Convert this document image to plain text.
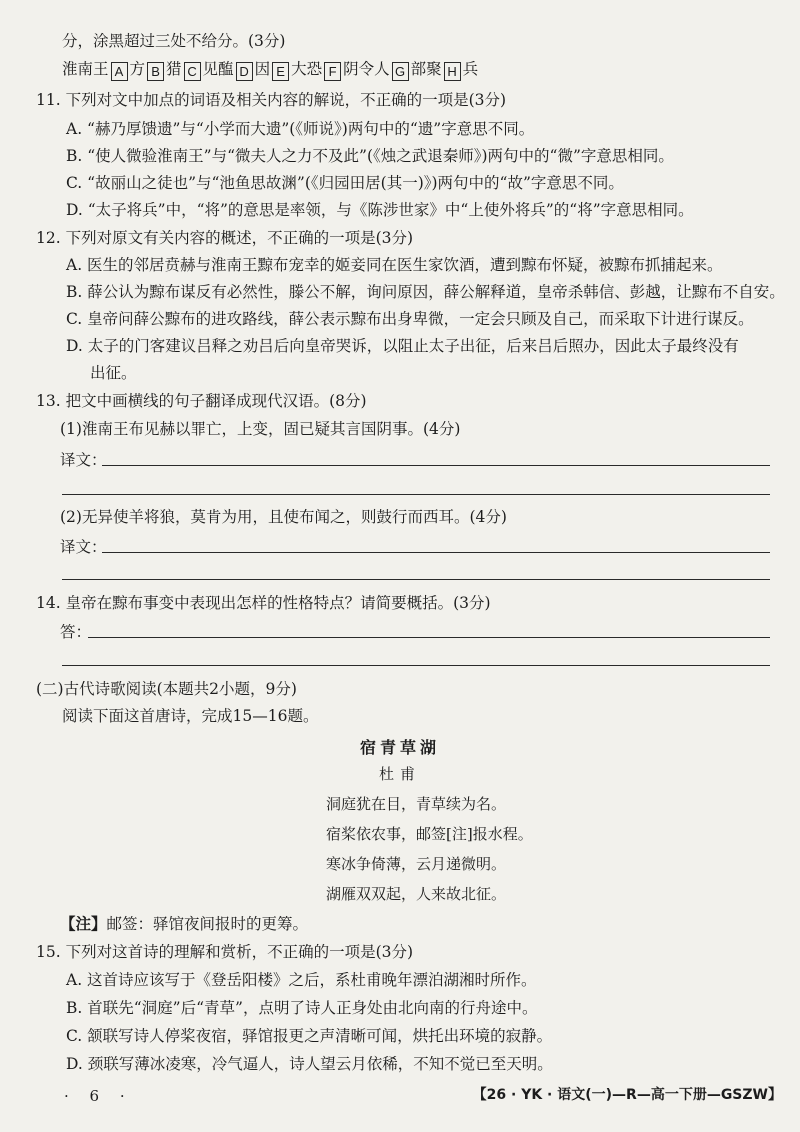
分，涂黑超过三处不给分。(3分)
淮南王 A 方 B 猎 C 见醢 D 因 E 大恐 F 阴令人 G 部聚 H 兵
11. 下列对文中加点的词语及相关内容的解说，不正确的一项是(3分)
A. “赫乃厚馈遗”与“小学而大遗”(《师说》)两句中的“遗”字意思不同。
B. “使人微验淮南王”与“微夫人之力不及此”(《烛之武退秦师》)两句中的“微”字意思相同。
C. “故丽山之徒也”与“池鱼思故渊”(《归园田居(其一)》)两句中的“故”字意思不同。
D. “太子将兵”中，“将”的意思是率领，与《陈涉世家》中“上使外将兵”的“将”字意思相同。
12. 下列对原文有关内容的概述，不正确的一项是(3分)
A. 医生的邻居贲赫与淮南王黥布宠幸的姬妾同在医生家饮酒，遭到黥布怀疑，被黥布抓捕起来。
B. 薛公认为黥布谋反有必然性，滕公不解，询问原因，薛公解释道，皇帝杀韩信、彭越，让黥布不自安。
C. 皇帝问薛公黥布的进攻路线，薛公表示黥布出身卑微，一定会只顾及自己，而采取下计进行谋反。
D. 太子的门客建议吕释之劝吕后向皇帝哭诉，以阻止太子出征，后来吕后照办，因此太子最终没有
出征。
13. 把文中画横线的句子翻译成现代汉语。(8分)
(1)淮南王布见赫以罪亡，上变，固已疑其言国阴事。(4分)
译文：
(2)无异使羊将狼，莫肯为用，且使布闻之，则鼓行而西耳。(4分)
译文：
14. 皇帝在黥布事变中表现出怎样的性格特点？请简要概括。(3分)
答：
(二)古代诗歌阅读(本题共2小题，9分)
阅读下面这首唐诗，完成15—16题。
宿青草湖
杜甫
洞庭犹在目，青草续为名。
宿桨依农事，邮签[注]报水程。
寒冰争倚薄，云月递微明。
湖雁双双起，人来故北征。
【注】邮签：驿馆夜间报时的更筹。
15. 下列对这首诗的理解和赏析，不正确的一项是(3分)
A. 这首诗应该写于《登岳阳楼》之后，系杜甫晚年漂泊湖湘时所作。
B. 首联先“洞庭”后“青草”，点明了诗人正身处由北向南的行舟途中。
C. 颔联写诗人停桨夜宿，驿馆报更之声清晰可闻，烘托出环境的寂静。
D. 颈联写薄冰凌寒，冷气逼人，诗人望云月依稀，不知不觉已至天明。
· 6 ·	【26 · YK · 语文(一)—R—高一下册—GSZW】
